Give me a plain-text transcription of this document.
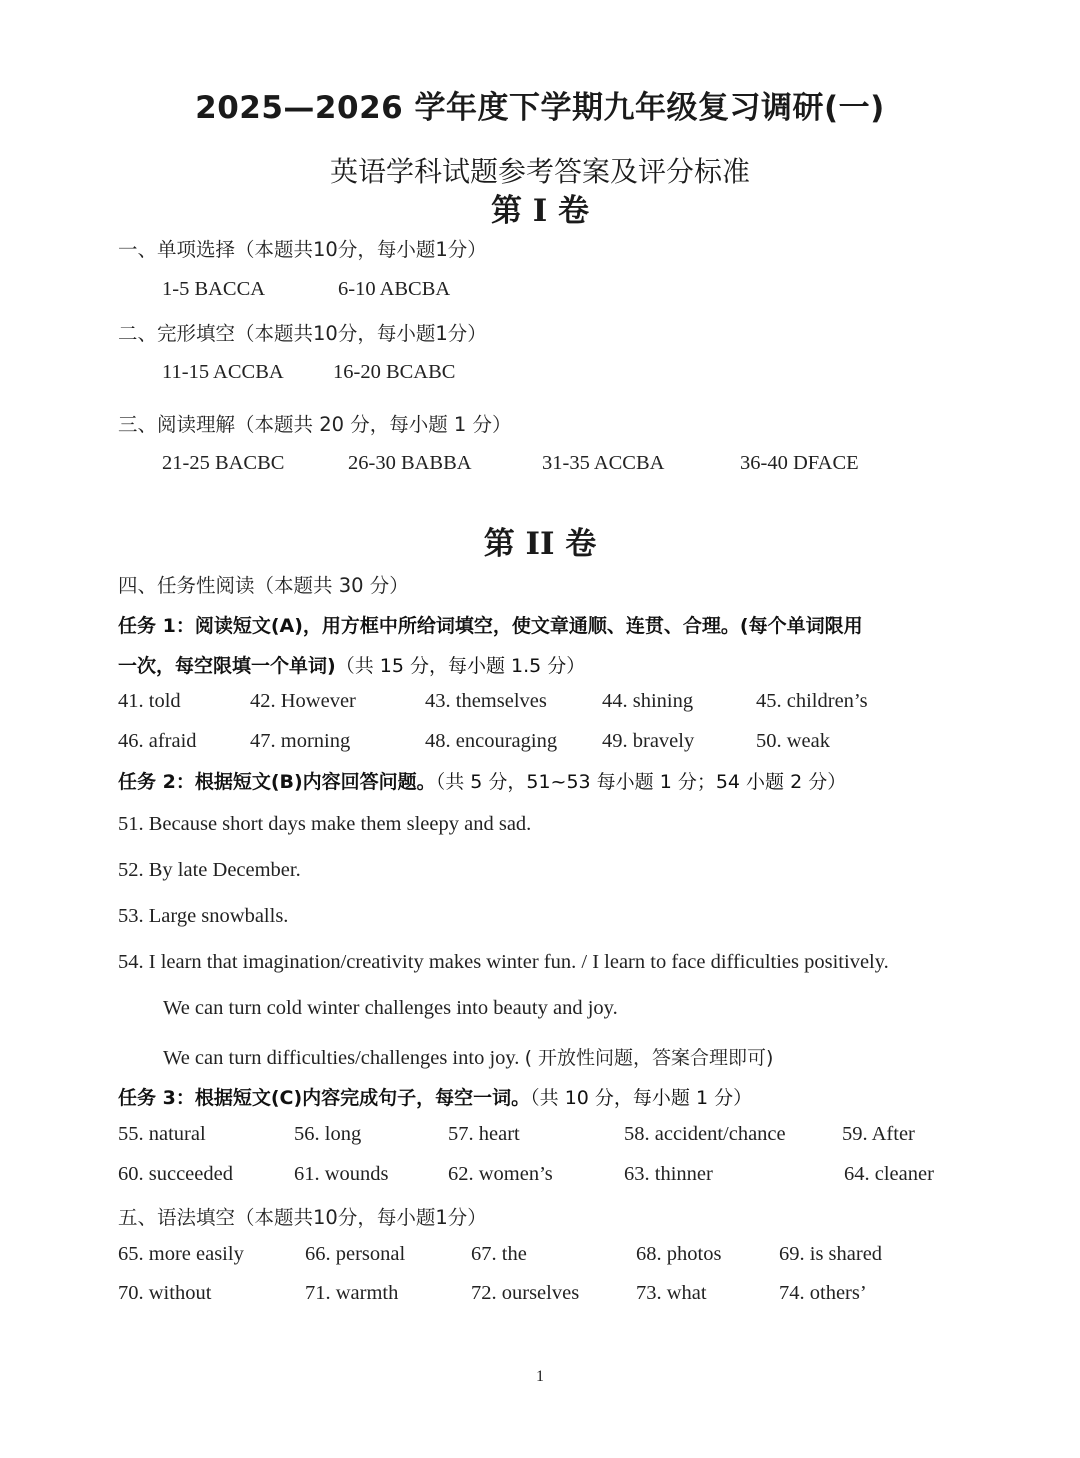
2025—2026 学年度下学期九年级复习调研(一)
英语学科试题参考答案及评分标准
第 I 卷
一、单项选择（本题共10分，每小题1分）
1-5 BACCA	6-10 ABCBA
二、完形填空（本题共10分，每小题1分）
11-15 ACCBA 16-20 BCABC
三、阅读理解（本题共 20 分，每小题 1 分）
21-25 BACBC	26-30 BABBA	31-35 ACCBA	36-40 DFACE
第 II 卷
四、任务性阅读（本题共 30 分）
任务 1：阅读短文(A)，用方框中所给词填空，使文章通顺、连贯、合理。(每个单词限用
一次，每空限填一个单词)（共 15 分，每小题 1.5 分）
41. told	42. However	43. themselves	44. shining	45. children’s
46. afraid	47. morning	48. encouraging 49. bravely	50. weak
任务 2：根据短文(B)内容回答问题。（共 5 分，51~53 每小题 1 分；54 小题 2 分）
51. Because short days make them sleepy and sad.
52. By late December.
53. Large snowballs.
54. I learn that imagination/creativity makes winter fun. / I learn to face difficulties positively.
We can turn cold winter challenges into beauty and joy.
We can turn difficulties/challenges into joy. ( 开放性问题，答案合理即可)
任务 3：根据短文(C)内容完成句子，每空一词。（共 10 分，每小题 1 分）
55. natural	56. long	57. heart	58. accident/chance	59. After
60. succeeded	61. wounds	62. women’s	63. thinner	64. cleaner
五、语法填空（本题共10分，每小题1分）
65. more easily	66. personal	67. the	68. photos	69. is shared
70. without	71. warmth	72. ourselves	73. what	74. others’
1
